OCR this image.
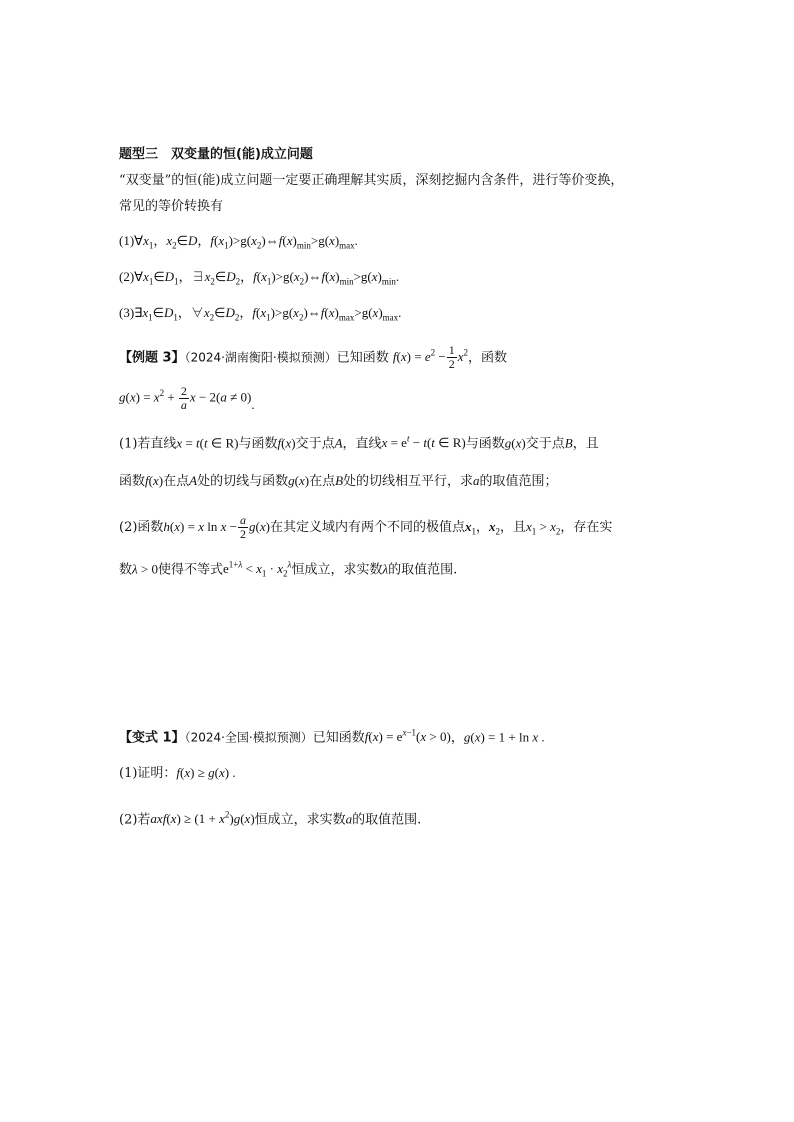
题型三　双变量的恒(能)成立问题
“双变量”的恒(能)成立问题一定要正确理解其实质，深刻挖掘内含条件，进行等价变换，
常见的等价转换有
$(1)\forall x_1$，$x_2\in D$，$f(x_1)>g(x_2)\Leftrightarrow f(x)_{min}>g(x)_{max}$.
$(2)\forall x_1\in D_1$，$\exists x_2\in D_2$，$f(x_1)>g(x_2)\Leftrightarrow f(x)_{min}>g(x)_{min}$.
$(3)\exists x_1\in D_1$，$\forall x_2\in D_2$，$f(x_1)>g(x_2)\Leftrightarrow f(x)_{max}>g(x)_{max}$.
【例题 3】（2024·湖南衡阳·模拟预测）已知函数 $f(x) = e^2 - \frac{1}{2} x^2$，函数
$g(x) = x^2 + \frac{2}{a}$ x − 2(a ≠ 0).
(1)若直线x = t(t ∈ R)与函数f(x)交于点A，直线$x = e^t - t(t$ ∈ R)与函数g(x)交于点B，且
函数f(x)在点A处的切线与函数g(x)在点B处的切线相互平行，求a的取值范围；
(2)函数h(x) = x $\ln x - \frac{a}{2} g(x)$在其定义域内有两个不同的极值点$x_1$，$x_2$，且$x_1 > x_2$，存在实
数λ > 0使得不等式$e^{1+\lambda} < x_1 \cdot x_2^\lambda$恒成立，求实数λ的取值范围.
【变式 1】（2024·全国·模拟预测）已知函数$f(x) = e^{x-1}(x > 0)$，g(x) = 1 + ln x .
(1)证明：f(x) ≥ g(x) .
(2)若$axf(x) \ge (1 + x^2)g(x)$恒成立，求实数a的取值范围.
